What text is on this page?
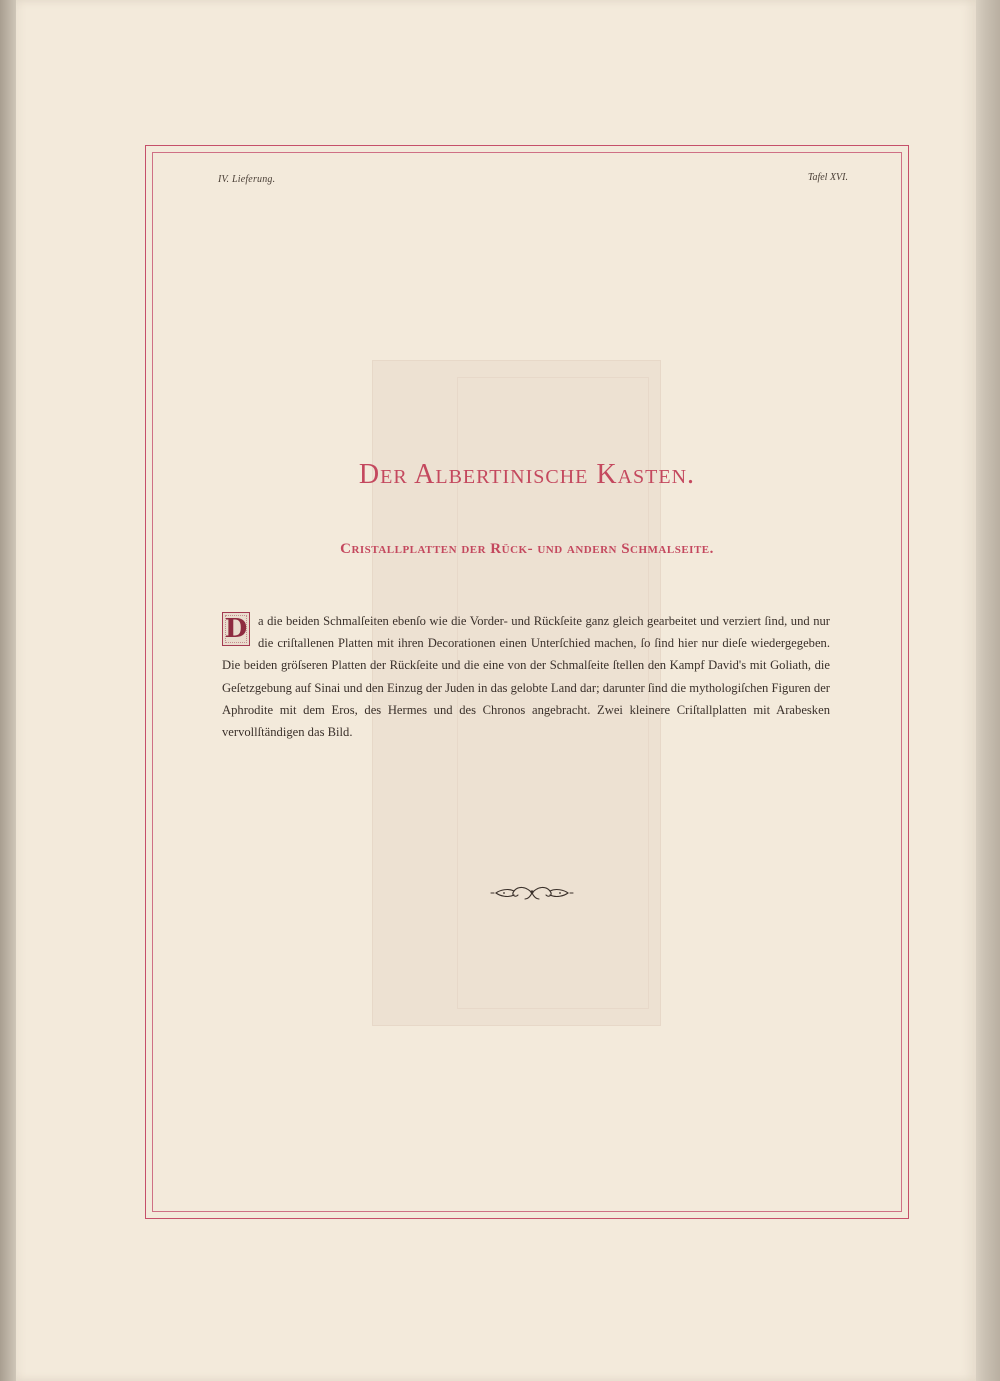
IV. Lieferung.	Tafel XVI.
Der Albertinische Kasten.
Cristallplatten der Rück- und andern Schmalseite.
D a die beiden Schmalſeiten ebenſo wie die Vorder- und Rückſeite ganz gleich gearbeitet und verziert ſind, und nur die criſtallenen Platten mit ihren Decorationen einen Unterſchied machen, ſo ſind hier nur dieſe wiedergegeben. Die beiden gröſseren Platten der Rückſeite und die eine von der Schmalſeite ſtellen den Kampf David's mit Goliath, die Geſetzgebung auf Sinai und den Einzug der Juden in das gelobte Land dar; darunter ſind die mythologiſchen Figuren der Aphrodite mit dem Eros, des Hermes und des Chronos angebracht. Zwei kleinere Criſtallplatten mit Arabesken vervollſtändigen das Bild.
